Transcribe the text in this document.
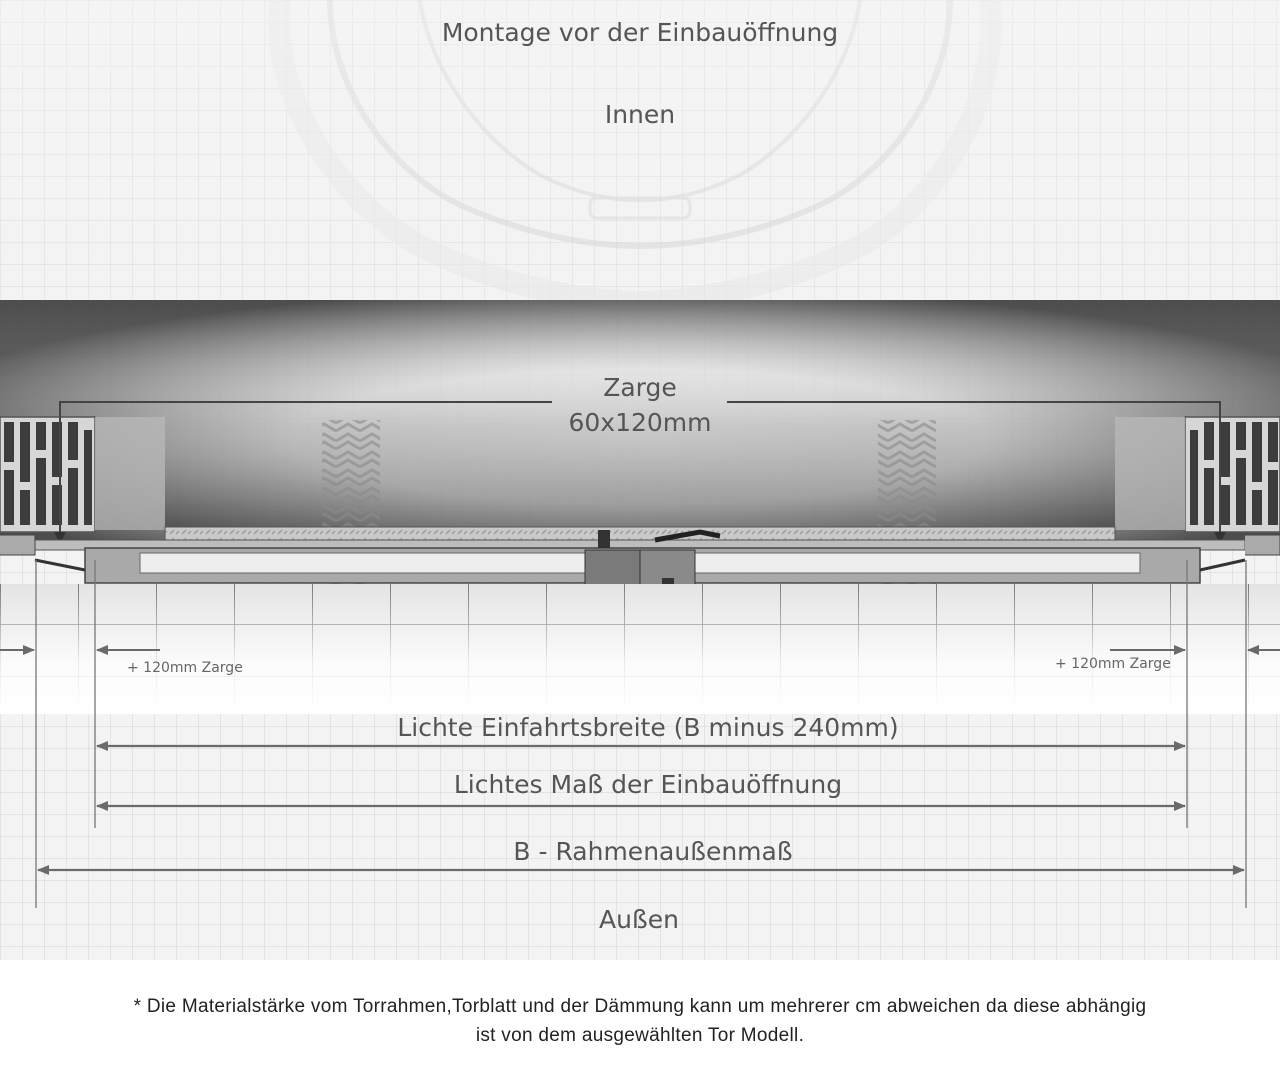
Montage vor der Einbauöffnung
Innen
Zarge
60x120mm
+ 120mm Zarge	+ 120mm Zarge
Lichte Einfahrtsbreite (B minus 240mm)
Lichtes Maß der Einbauöffnung
B - Rahmenaußenmaß
Außen
* Die Materialstärke vom Torrahmen,Torblatt und der Dämmung kann um mehrerer cm abweichen da diese abhängig
ist von dem ausgewählten Tor Modell.
